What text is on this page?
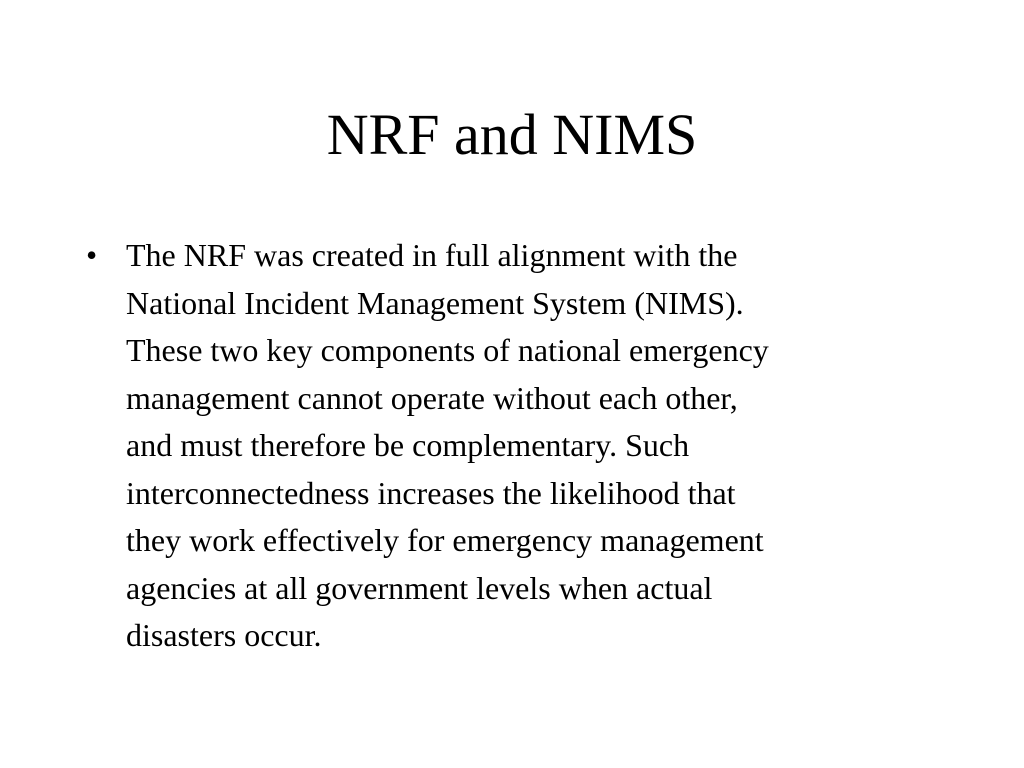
NRF and NIMS
• The NRF was created in full alignment with the
National Incident Management System (NIMS).
These two key components of national emergency
management cannot operate without each other,
and must therefore be complementary. Such
interconnectedness increases the likelihood that
they work effectively for emergency management
agencies at all government levels when actual
disasters occur.
